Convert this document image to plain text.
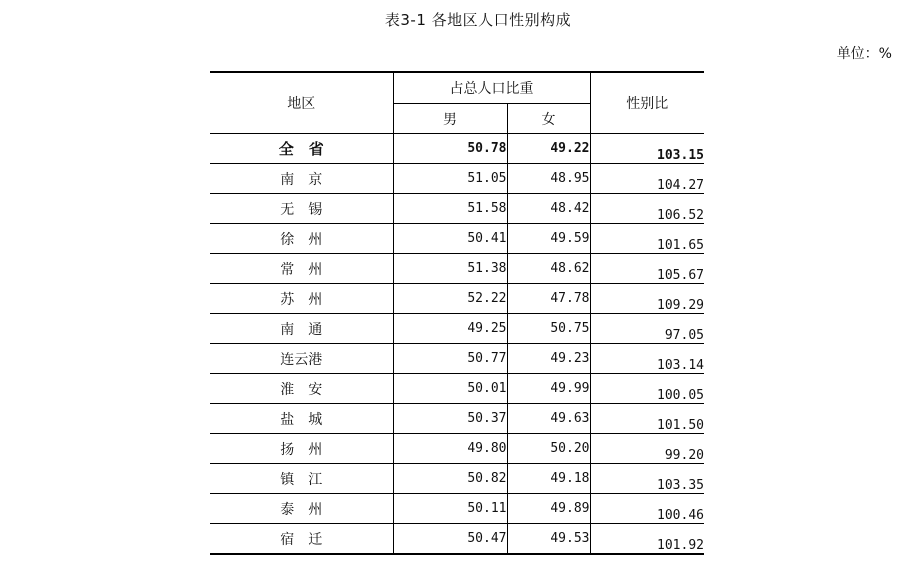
表3-1 各地区人口性别构成
单位：%
地区	占总人口比重		性别比
	男	女	
全　省	50.78	49.22	103.15
南　京	51.05	48.95	104.27
无　锡	51.58	48.42	106.52
徐　州	50.41	49.59	101.65
常　州	51.38	48.62	105.67
苏　州	52.22	47.78	109.29
南　通	49.25	50.75	97.05
连云港	50.77	49.23	103.14
淮　安	50.01	49.99	100.05
盐　城	50.37	49.63	101.50
扬　州	49.80	50.20	99.20
镇　江	50.82	49.18	103.35
泰　州	50.11	49.89	100.46
宿　迁	50.47	49.53	101.92
